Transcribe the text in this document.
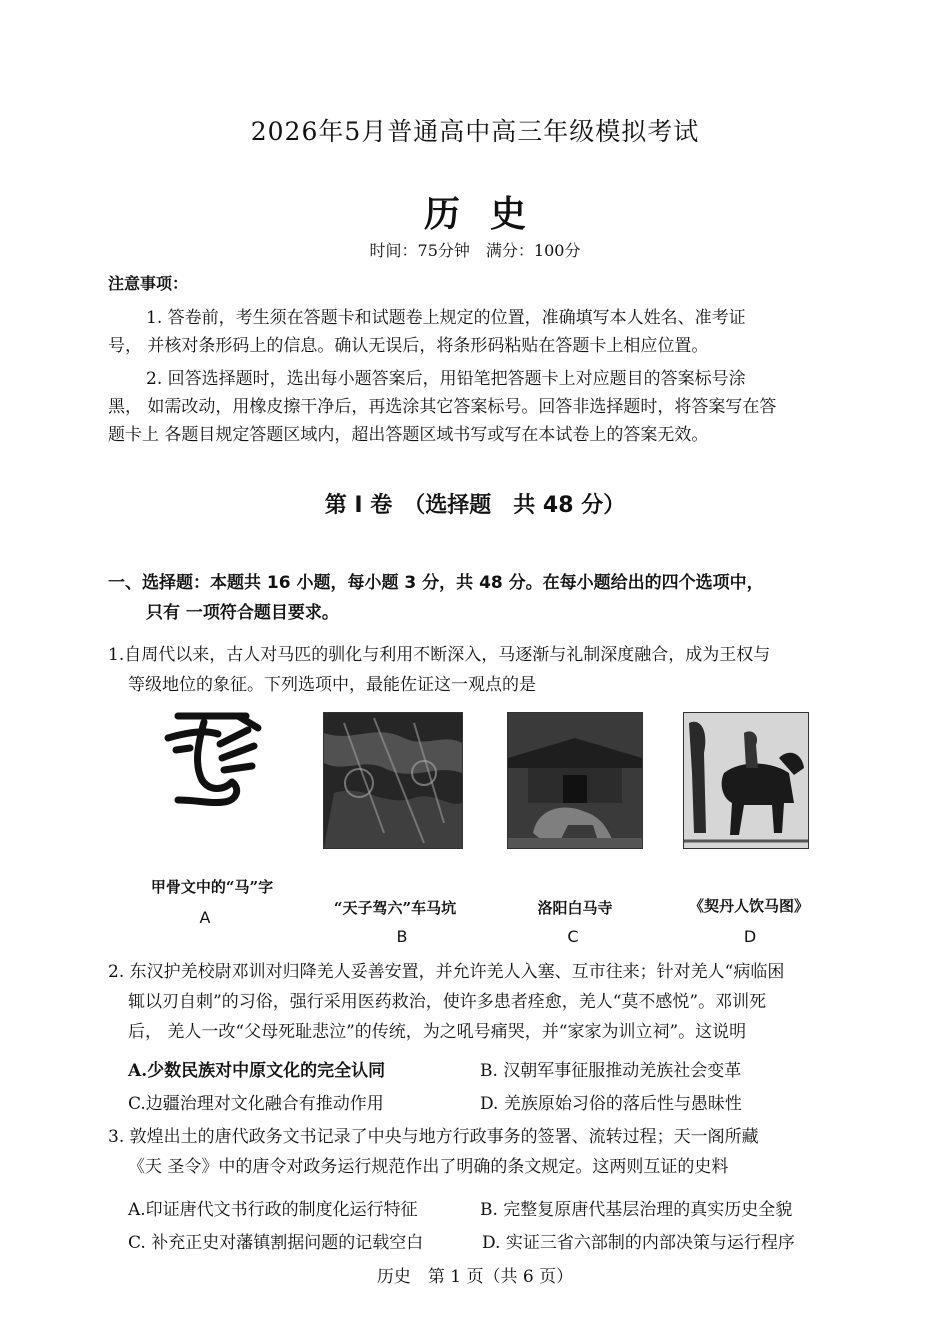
2026年5月普通高中高三年级模拟考试
历史
时间：75分钟　满分：100分
注意事项：

1. 答卷前，考生须在答题卡和试题卷上规定的位置，准确填写本人姓名、准考证

号， 并核对条形码上的信息。确认无误后，将条形码粘贴在答题卡上相应位置。

2. 回答选择题时，选出每小题答案后，用铅笔把答题卡上对应题目的答案标号涂

黑， 如需改动，用橡皮擦干净后，再选涂其它答案标号。回答非选择题时，将答案写在答

题卡上 各题目规定答题区域内，超出答题区域书写或写在本试卷上的答案无效。

第 I 卷　（选择题　共 48 分）
一、选择题：本题共 16 小题，每小题 3 分，共 48 分。在每小题给出的四个选项中，
只有 一项符合题目要求。
1.自周代以来，古人对马匹的驯化与利用不断深入，马逐渐与礼制深度融合，成为王权与
等级地位的象征。下列选项中，最能佐证这一观点的是
甲骨文中的“马”字
A	“天子驾六”车马坑
B
洛阳白马寺
C
《契丹人饮马图》
D
2. 东汉护羌校尉邓训对归降羌人妥善安置，并允许羌人入塞、互市往来；针对羌人“病临困
辄以刃自刺”的习俗，强行采用医药救治，使许多患者痊愈，羌人“莫不感悦”。邓训死
后， 羌人一改“父母死耻悲泣”的传统，为之吼号痛哭，并“家家为训立祠”。这说明
A.少数民族对中原文化的完全认同	B. 汉朝军事征服推动羌族社会变革
C.边疆治理对文化融合有推动作用	D. 羌族原始习俗的落后性与愚昧性
3. 敦煌出土的唐代政务文书记录了中央与地方行政事务的签署、流转过程；天一阁所藏
《天 圣令》中的唐令对政务运行规范作出了明确的条文规定。这两则互证的史料
A.印证唐代文书行政的制度化运行特征	B. 完整复原唐代基层治理的真实历史全貌
C. 补充正史对藩镇割据问题的记载空白	D. 实证三省六部制的内部决策与运行程序
历史　第 1 页（共 6 页）
